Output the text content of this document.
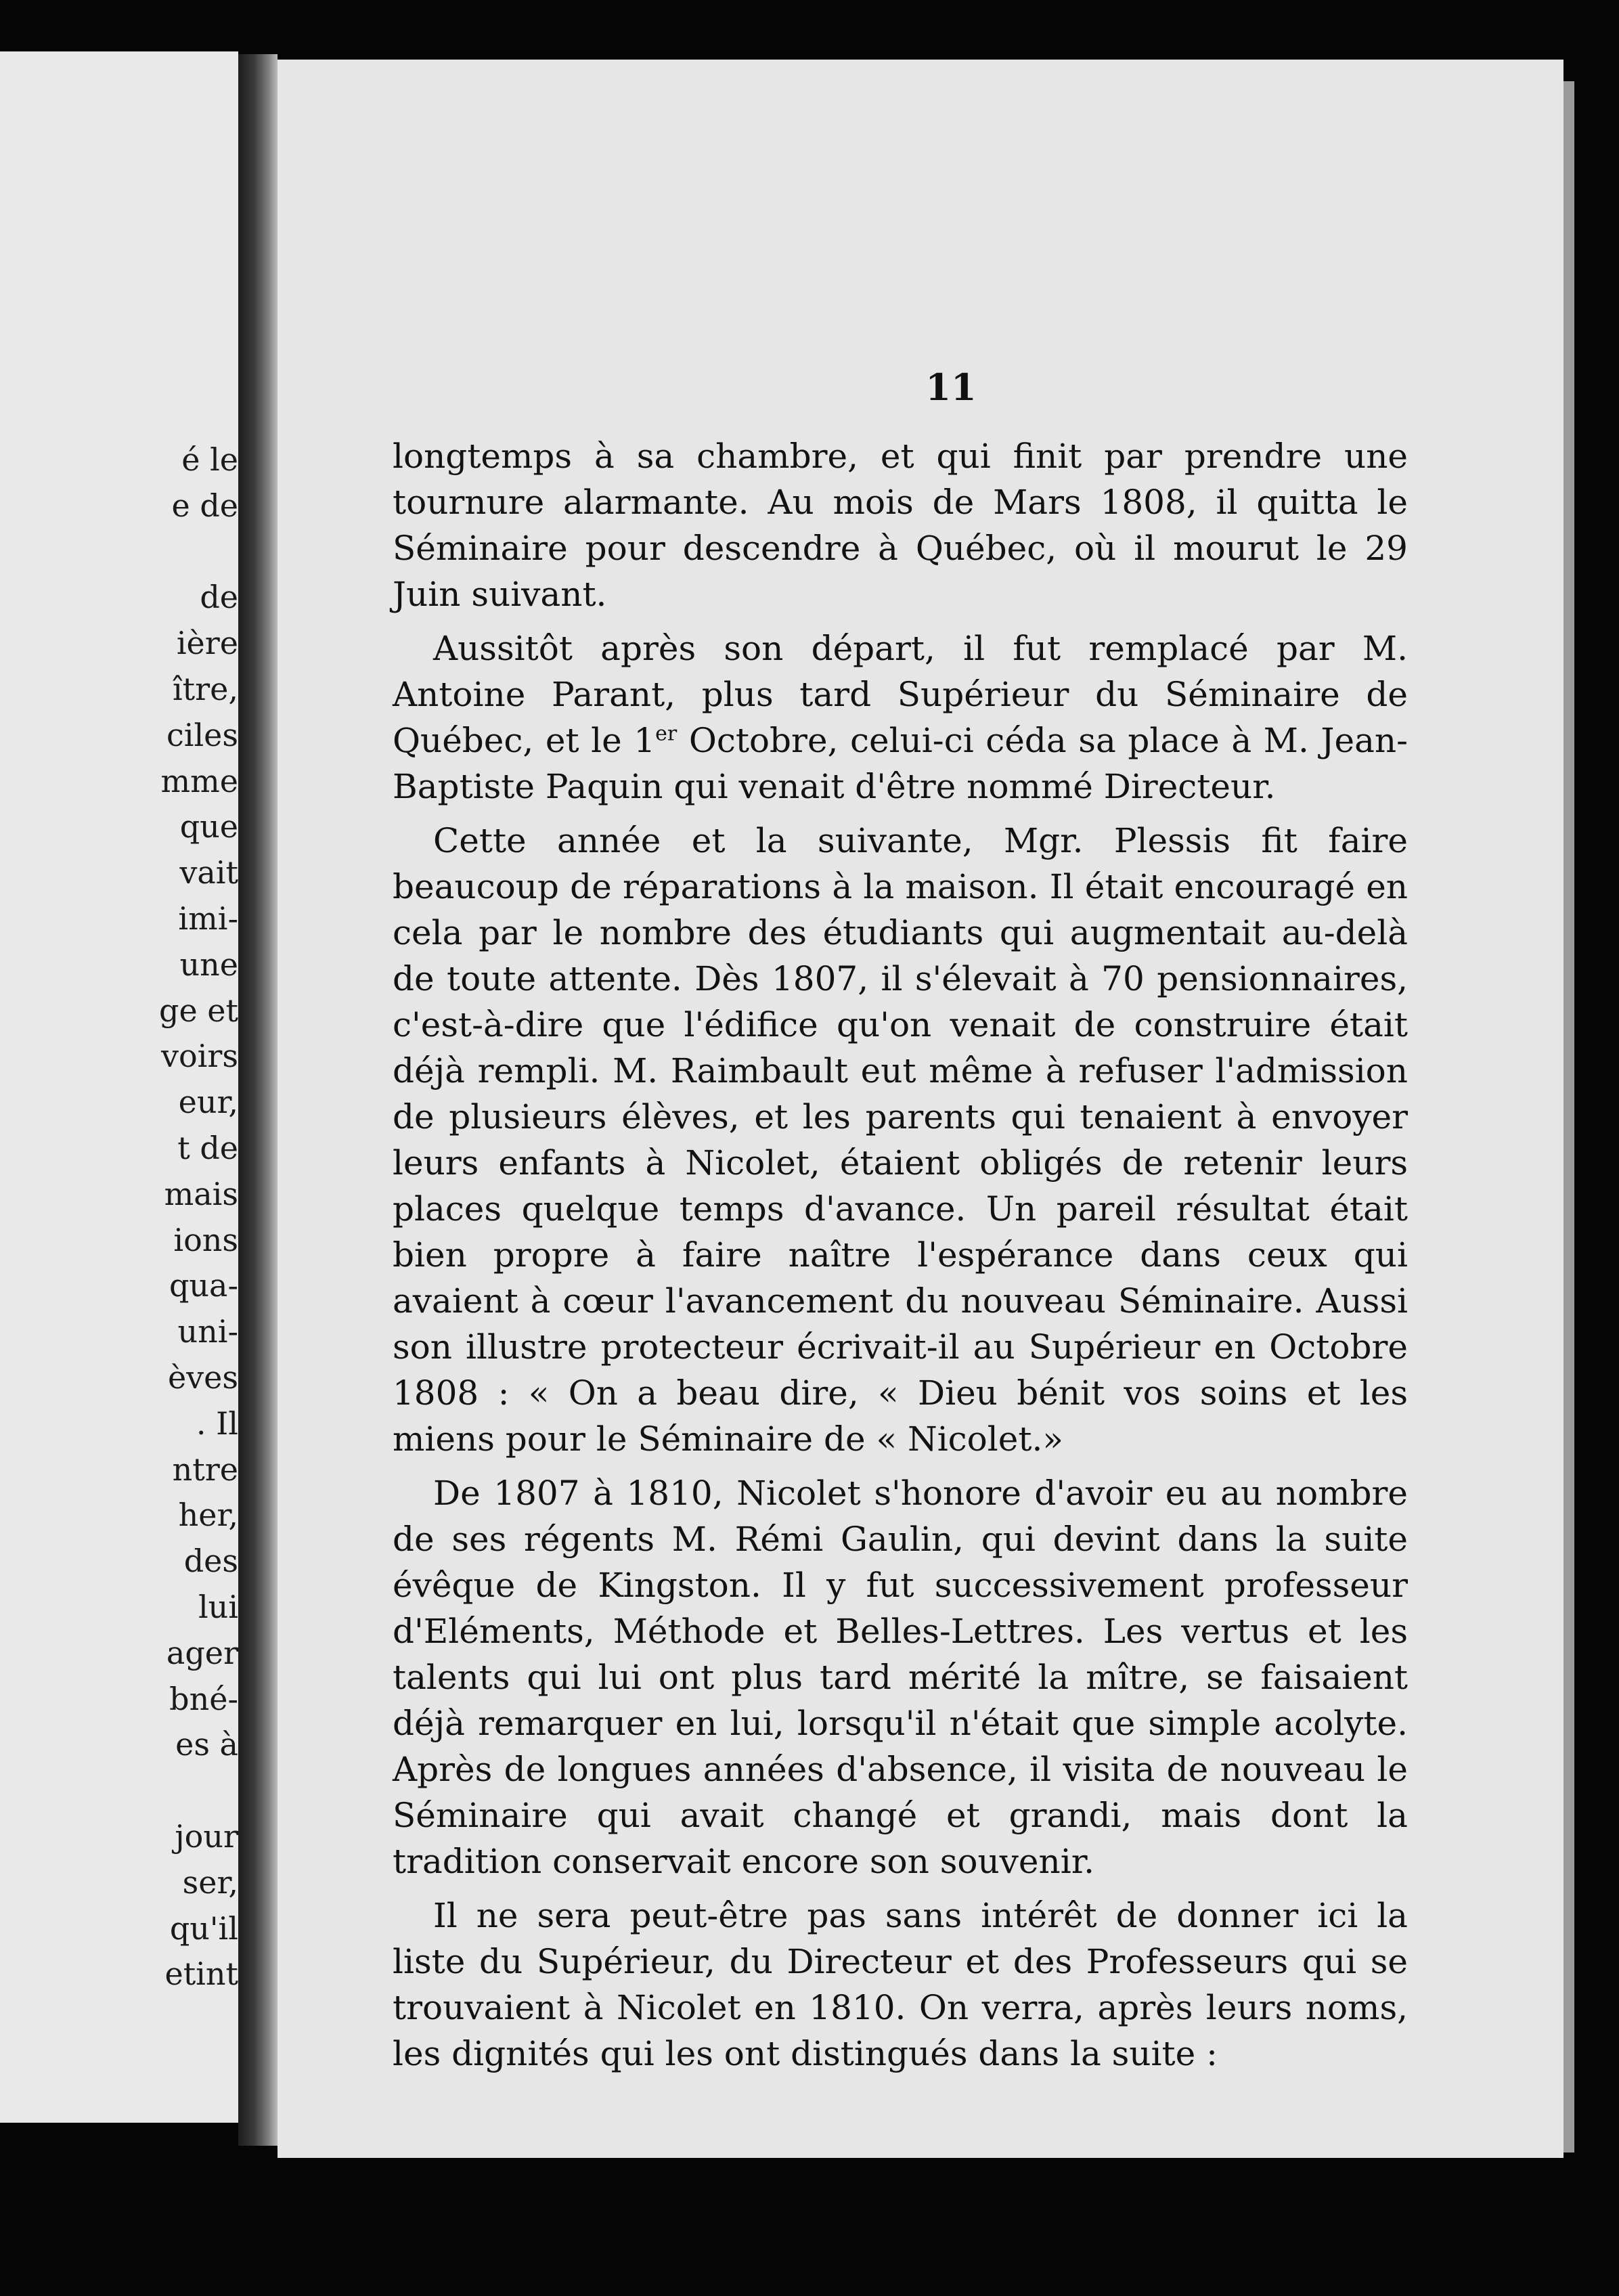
é le
e de

de
ière
ître,
ciles
mme
que
vait
imi-
une
ge et
voirs
eur,
t de
mais
ions
qua-
uni-
èves
. Il
ntre
her,
des
lui
ager
bné-
es à

jour
ser,
qu'il
etint
11

longtemps à sa chambre, et qui finit par prendre une tournure alarmante. Au mois de Mars 1808, il quitta le Séminaire pour descendre à Québec, où il mourut le 29 Juin suivant.

Aussitôt après son départ, il fut remplacé par M. Antoine Parant, plus tard Supérieur du Séminaire de Québec, et le 1er Octobre, celui-ci céda sa place à M. Jean-Baptiste Paquin qui venait d'être nommé Directeur.

Cette année et la suivante, Mgr. Plessis fit faire beaucoup de réparations à la maison. Il était encouragé en cela par le nombre des étudiants qui augmentait au-delà de toute attente. Dès 1807, il s'élevait à 70 pensionnaires, c'est-à-dire que l'édifice qu'on venait de construire était déjà rempli. M. Raimbault eut même à refuser l'admission de plusieurs élèves, et les parents qui tenaient à envoyer leurs enfants à Nicolet, étaient obligés de retenir leurs places quelque temps d'avance. Un pareil résultat était bien propre à faire naître l'espérance dans ceux qui avaient à cœur l'avancement du nouveau Séminaire. Aussi son illustre protecteur écrivait-il au Supérieur en Octobre 1808 : « On a beau dire, « Dieu bénit vos soins et les miens pour le Séminaire de « Nicolet.»

De 1807 à 1810, Nicolet s'honore d'avoir eu au nombre de ses régents M. Rémi Gaulin, qui devint dans la suite évêque de Kingston. Il y fut successivement professeur d'Eléments, Méthode et Belles-Lettres. Les vertus et les talents qui lui ont plus tard mérité la mître, se faisaient déjà remarquer en lui, lorsqu'il n'était que simple acolyte. Après de longues années d'absence, il visita de nouveau le Séminaire qui avait changé et grandi, mais dont la tradition conservait encore son souvenir.

Il ne sera peut-être pas sans intérêt de donner ici la liste du Supérieur, du Directeur et des Professeurs qui se trouvaient à Nicolet en 1810. On verra, après leurs noms, les dignités qui les ont distingués dans la suite :
